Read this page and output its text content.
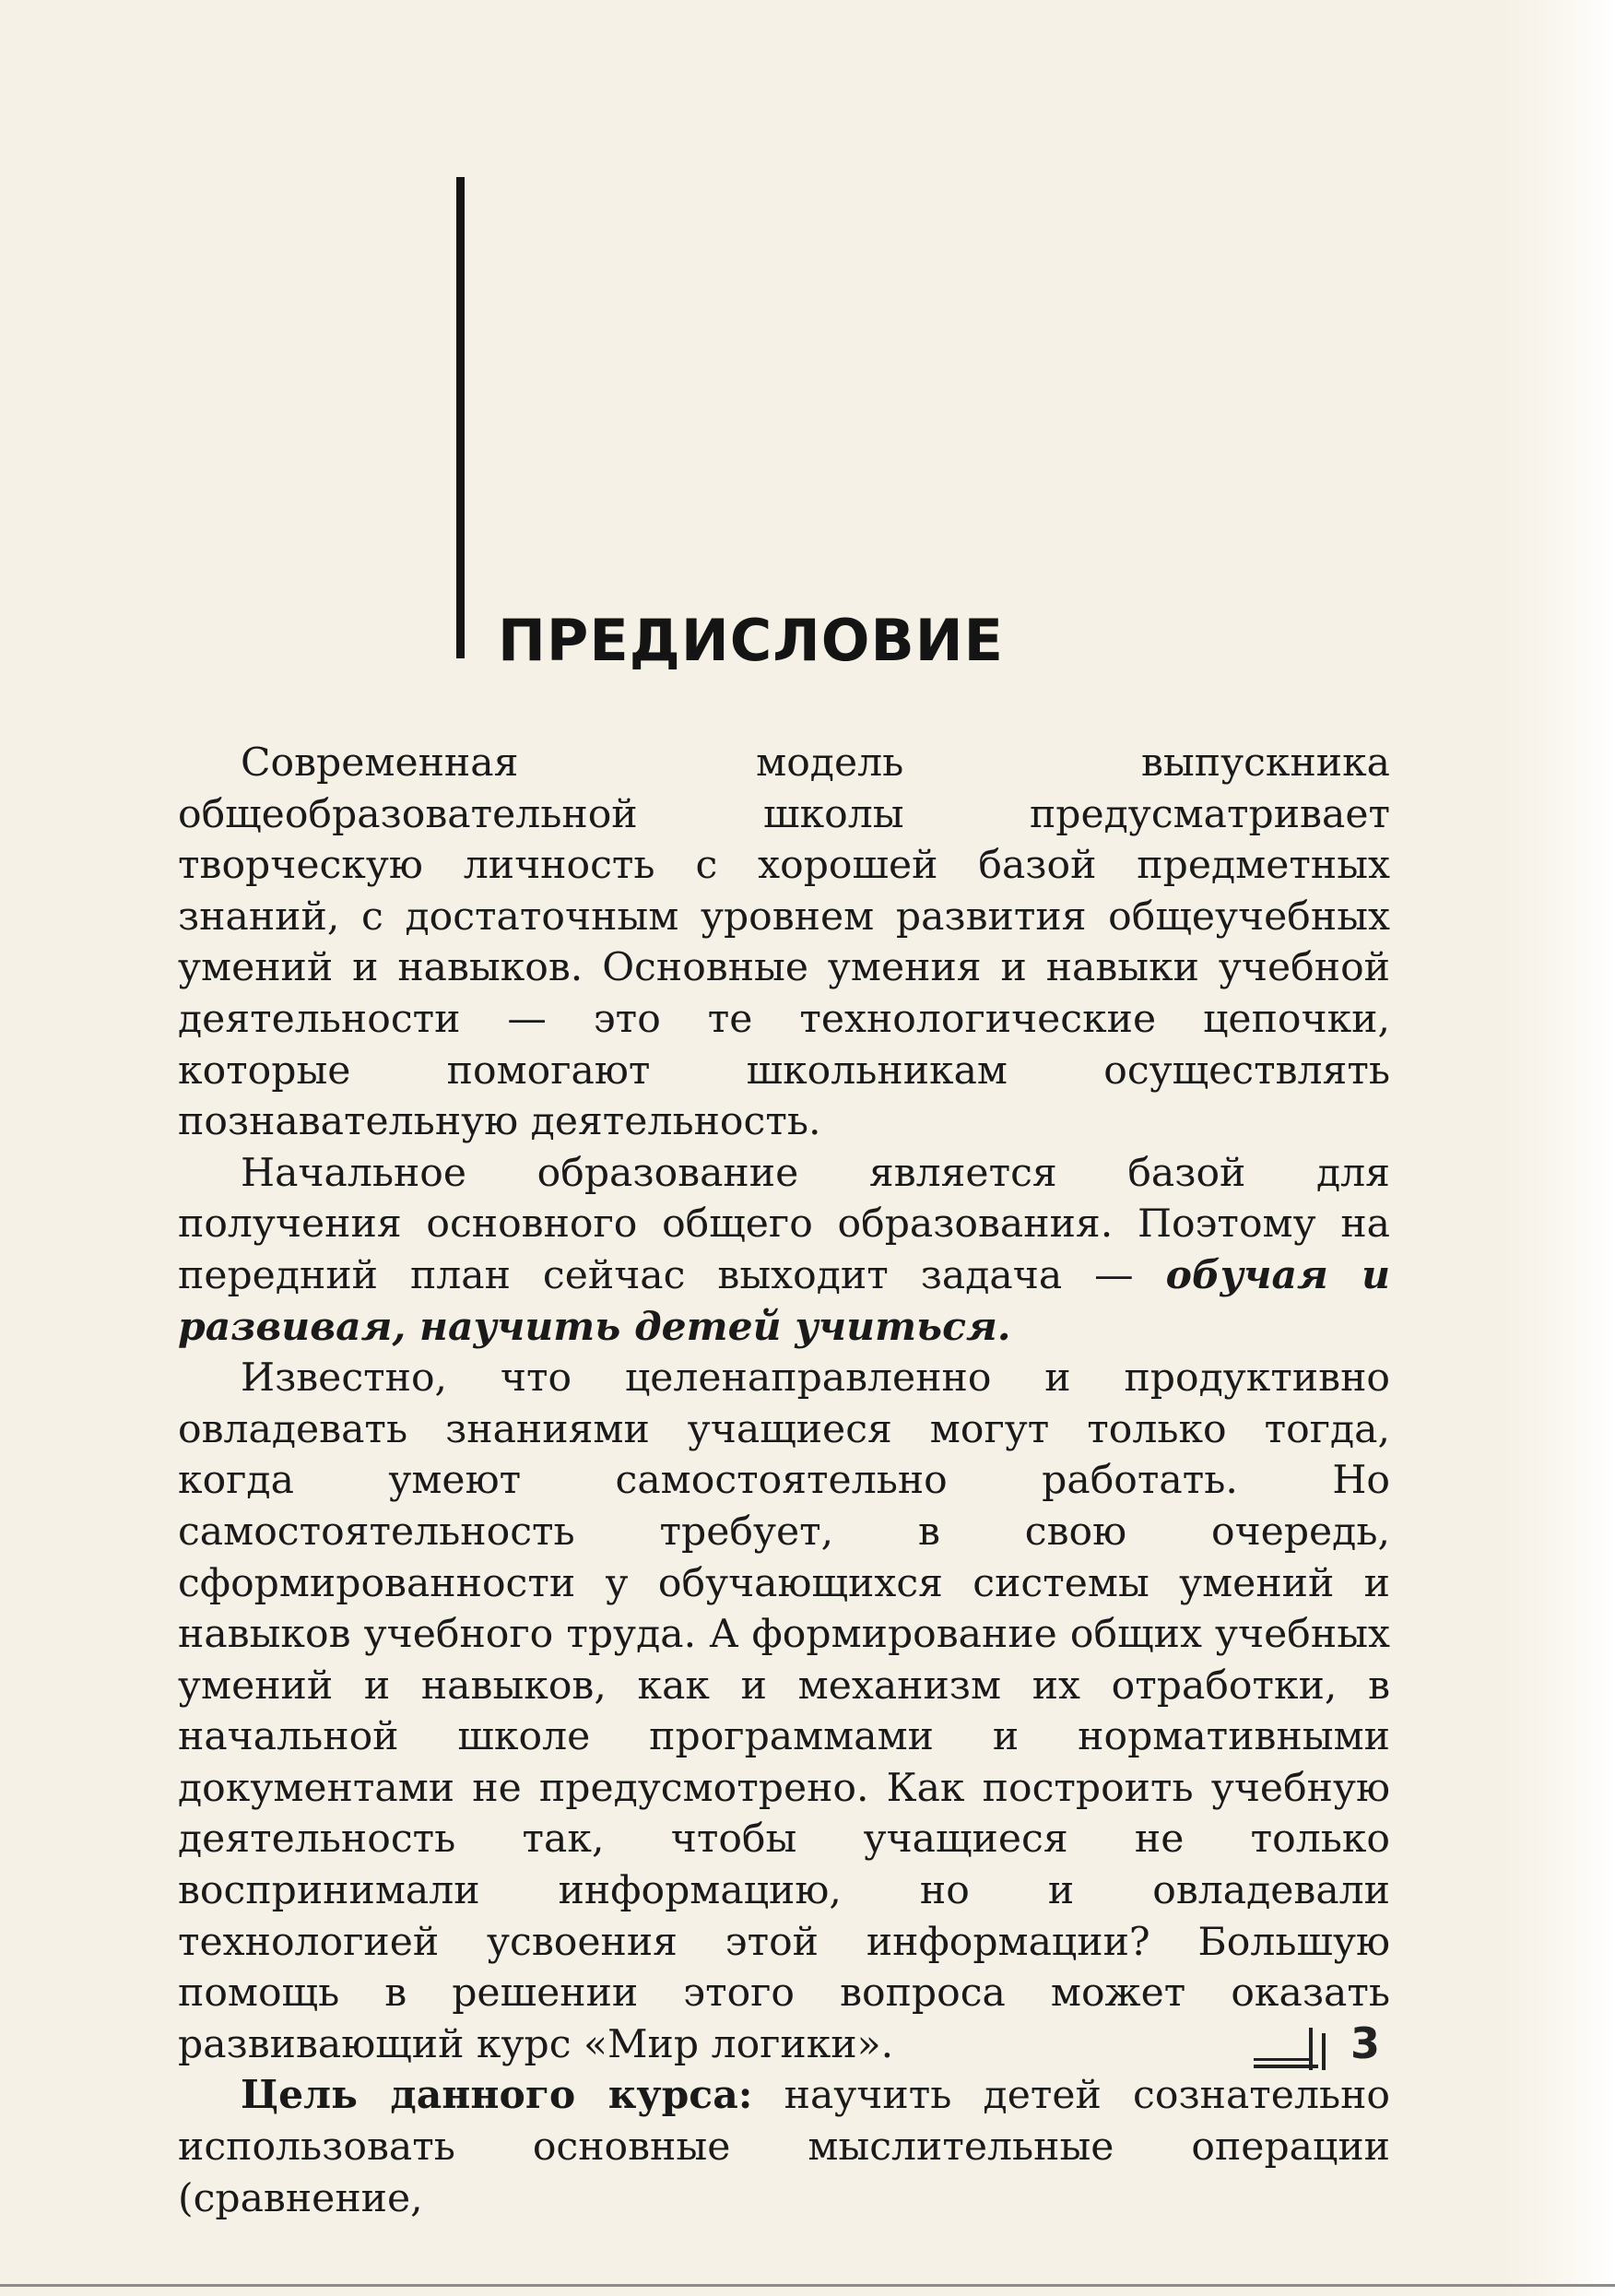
ПРЕДИСЛОВИЕ

Современная модель выпускника общеобразовательной школы предусматривает творческую личность с хорошей базой предметных знаний, с достаточным уровнем развития общеучебных умений и навыков. Основные умения и навыки учебной деятельности — это те технологические цепочки, которые помогают школьникам осуществлять познавательную деятельность.

Начальное образование является базой для получения основного общего образования. Поэтому на передний план сейчас выходит задача — обучая и развивая, научить детей учиться.

Известно, что целенаправленно и продуктивно овладевать знаниями учащиеся могут только тогда, когда умеют самостоятельно работать. Но самостоятельность требует, в свою очередь, сформированности у обучающихся системы умений и навыков учебного труда. А формирование общих учебных умений и навыков, как и механизм их отработки, в начальной школе программами и нормативными документами не предусмотрено. Как построить учебную деятельность так, чтобы учащиеся не только воспринимали информацию, но и овладевали технологией усвоения этой информации? Большую помощь в решении этого вопроса может оказать развивающий курс «Мир логики».

Цель данного курса: научить детей сознательно использовать основные мыслительные операции (сравнение,

3
